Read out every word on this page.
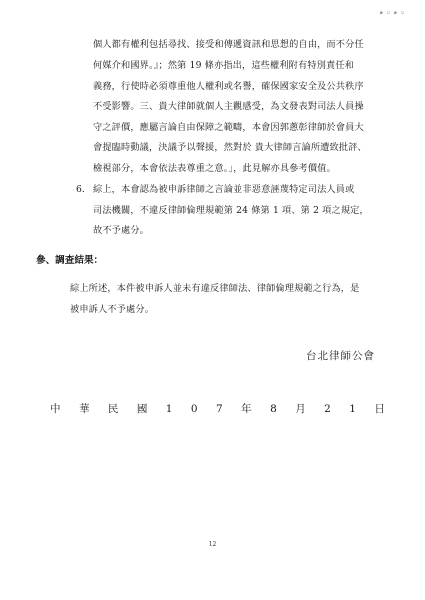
▪ ▫ ▪ ▫
個人都有權利包括尋找、接受和傳遞資訊和思想的自由，而不分任
何媒介和國界。』；然第 19 條亦指出，這些權利附有特別責任和
義務，行使時必須尊重他人權利或名譽，確保國家安全及公共秩序
不受影響。三、貴大律師就個人主觀感受，為文發表對司法人員操
守之評價，應屬言論自由保障之範疇，本會因郭蔥彰律師於會員大
會提臨時動議，決議予以聲援，然對於 貴大律師言論所遭致批評、
檢視部分，本會依法表尊重之意。」，此見解亦具參考價值。
6. 綜上，本會認為被申訴律師之言論並非惡意誣蔑特定司法人員或
司法機關，不違反律師倫理規範第 24 條第 1 項、第 2 項之規定，
故不予處分。
參、調查結果：
綜上所述，本件被申訴人並未有違反律師法、律師倫理規範之行為，是
被申訴人不予處分。
台北律師公會
中 華 民 國 1 0 7 年 8 月 2 1 日
12
